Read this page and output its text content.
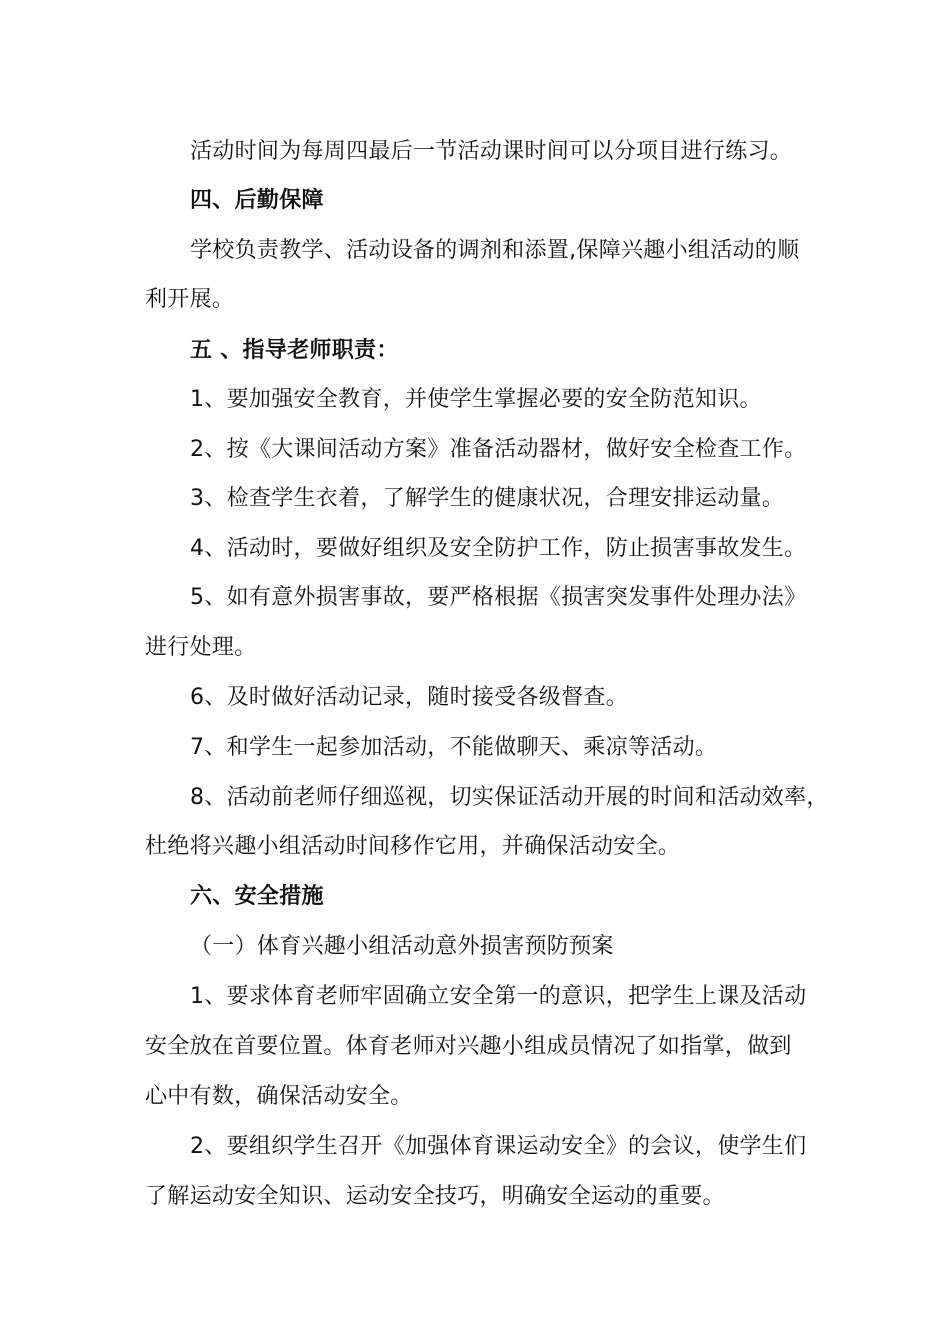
活动时间为每周四最后一节活动课时间可以分项目进行练习。
四、后勤保障
学校负责教学、活动设备的调剂和添置,保障兴趣小组活动的顺
利开展。
五 、指导老师职责：
1、要加强安全教育，并使学生掌握必要的安全防范知识。
2、按《大课间活动方案》准备活动器材，做好安全检查工作。
3、检查学生衣着，了解学生的健康状况，合理安排运动量。
4、活动时，要做好组织及安全防护工作，防止损害事故发生。
5、如有意外损害事故，要严格根据《损害突发事件处理办法》
进行处理。
6、及时做好活动记录，随时接受各级督查。
7、和学生一起参加活动，不能做聊天、乘凉等活动。
8、活动前老师仔细巡视，切实保证活动开展的时间和活动效率，
杜绝将兴趣小组活动时间移作它用，并确保活动安全。
六、安全措施
（一）体育兴趣小组活动意外损害预防预案
1、要求体育老师牢固确立安全第一的意识，把学生上课及活动
安全放在首要位置。体育老师对兴趣小组成员情况了如指掌，做到
心中有数，确保活动安全。
2、要组织学生召开《加强体育课运动安全》的会议，使学生们
了解运动安全知识、运动安全技巧，明确安全运动的重要。
